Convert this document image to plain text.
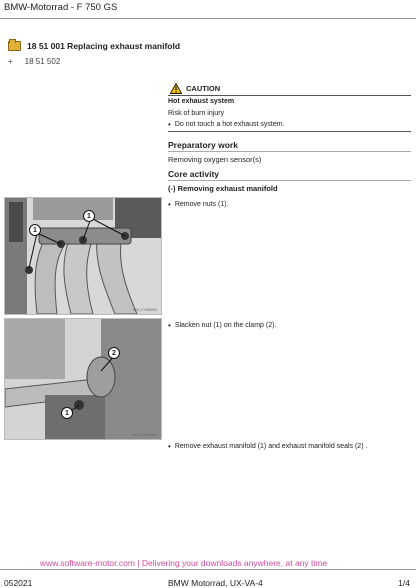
BMW-Motorrad - F 750 GS
18 51 001 Replacing exhaust manifold
+ 18 51 502
CAUTION
Hot exhaust system
Risk of burn injury
• Do not touch a hot exhaust system.
Preparatory work
Removing oxygen sensor(s)
Core activity
(-) Removing exhaust manifold
• Remove nuts (1).
• Slacken nut (1) on the clamp (2).
• Remove exhaust manifold (1) and exhaust manifold seals (2) .
1
1
H00_0T185090
2
1
H00_0T185090
www.software-motor.com | Delivering your downloads anywhere, at any time
052021	BMW Motorrad, UX-VA-4	1/4
